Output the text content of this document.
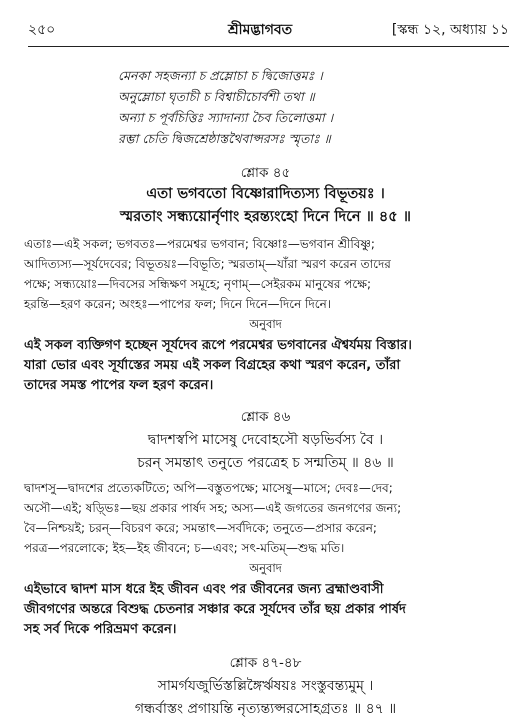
২৫০	শ্রীমদ্ভাগবত	[স্কন্ধ ১২, অধ্যায় ১১
মেনকা সহজন্যা চ প্রম্লোচা চ দ্বিজোত্তমঃ ।
অনুম্লোচা ঘৃতাচী চ বিশ্বাচীচোর্বশী তথা ॥
অন্যা চ পূর্বচিত্তিঃ স্যাদান্যা চৈব তিলোত্তমা ।
রম্ভা চেতি দ্বিজশ্রেষ্ঠাস্তথৈবাপ্সরসঃ স্মৃতাঃ ॥
শ্লোক ৪৫
এতা ভগবতো বিষ্ণোরাদিত্যস্য বিভূতয়ঃ ।
স্মরতাং সন্ধ্যয়োর্নৃণাং হরন্ত্যংহো দিনে দিনে ॥ ৪৫ ॥
এতাঃ—এই সকল; ভগবতঃ—পরমেশ্বর ভগবান; বিষ্ণোঃ—ভগবান শ্রীবিষ্ণু;
আদিত্যস্য—সূর্যদেবের; বিভূতয়ঃ—বিভূতি; স্মরতাম্—যাঁরা স্মরণ করেন তাদের
পক্ষে; সন্ধ্যয়োঃ—দিবসের সন্ধিক্ষণ সমূহে; নৃণাম্—সেইরকম মানুষের পক্ষে;
হরন্তি—হরণ করেন; অংহঃ—পাপের ফল; দিনে দিনে—দিনে দিনে।
অনুবাদ
এই সকল ব্যক্তিগণ হচ্ছেন সূর্যদেব রূপে পরমেশ্বর ভগবানের ঐশ্বর্যময় বিস্তার।
যারা ভোর এবং সূর্যাস্তের সময় এই সকল বিগ্রহের কথা স্মরণ করেন, তাঁরা
তাদের সমস্ত পাপের ফল হরণ করেন।
শ্লোক ৪৬
দ্বাদশস্বপি মাসেষু দেবোহসৌ ষড়ভির্বস্য বৈ ।
চরন্ সমন্তাৎ তনুতে পরত্রেহ চ সন্মতিম্ ॥ ৪৬ ॥
দ্বাদশসু—দ্বাদশের প্রত্যেকটিতে; অপি—বস্তুতপক্ষে; মাসেষু—মাসে; দেবঃ—দেব;
অসৌ—এই; ষড়্ভিঃ—ছয় প্রকার পার্ষদ সহ; অস্য—এই জগতের জনগণের জন্য;
বৈ—নিশ্চয়ই; চরন্—বিচরণ করে; সমন্তাৎ—সর্বদিকে; তনুতে—প্রসার করেন;
পরত্র—পরলোকে; ইহ—ইহ জীবনে; চ—এবং; সৎ-মতিম্—শুদ্ধ মতি।
অনুবাদ
এইভাবে দ্বাদশ মাস ধরে ইহ জীবন এবং পর জীবনের জন্য ব্রহ্মাণ্ডবাসী
জীবগণের অন্তরে বিশুদ্ধ চেতনার সঞ্চার করে সূর্যদেব তাঁর ছয় প্রকার পার্ষদ
সহ সর্ব দিকে পরিভ্রমণ করেন।
শ্লোক ৪৭-৪৮
সামর্গযজুর্ভিস্তল্লিঙ্গৈর্ঋষয়ঃ সংস্তুবন্ত্যমুম্ ।
গন্ধর্বাস্তং প্রগায়ন্তি নৃত্যন্ত্যপ্সরসোহগ্রতঃ ॥ ৪৭ ॥
